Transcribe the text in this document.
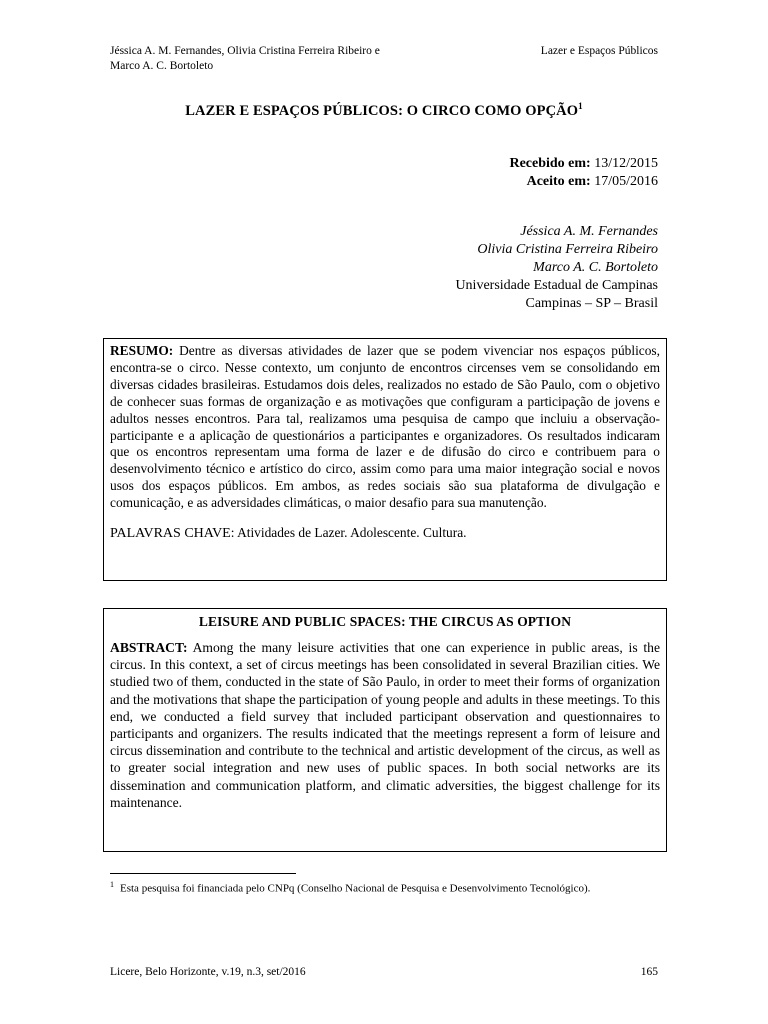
Jéssica A. M. Fernandes, Olivia Cristina Ferreira Ribeiro e
Marco A. C. Bortoleto
Lazer e Espaços Públicos
LAZER E ESPAÇOS PÚBLICOS: O CIRCO COMO OPÇÃO$^1$
Recebido em: 13/12/2015
Aceito em: 17/05/2016
Jéssica A. M. Fernandes
Olivia Cristina Ferreira Ribeiro
Marco A. C. Bortoleto
Universidade Estadual de Campinas
Campinas – SP – Brasil

RESUMO: Dentre as diversas atividades de lazer que se podem vivenciar nos espaços públicos, encontra-se o circo. Nesse contexto, um conjunto de encontros circenses vem se consolidando em diversas cidades brasileiras. Estudamos dois deles, realizados no estado de São Paulo, com o objetivo de conhecer suas formas de organização e as motivações que configuram a participação de jovens e adultos nesses encontros. Para tal, realizamos uma pesquisa de campo que incluiu a observação-participante e a aplicação de questionários a participantes e organizadores. Os resultados indicaram que os encontros representam uma forma de lazer e de difusão do circo e contribuem para o desenvolvimento técnico e artístico do circo, assim como para uma maior integração social e novos usos dos espaços públicos. Em ambos, as redes sociais são sua plataforma de divulgação e comunicação, e as adversidades climáticas, o maior desafio para sua manutenção.

PALAVRAS CHAVE: Atividades de Lazer. Adolescente. Cultura.
LEISURE AND PUBLIC SPACES: THE CIRCUS AS OPTION

ABSTRACT: Among the many leisure activities that one can experience in public areas, is the circus. In this context, a set of circus meetings has been consolidated in several Brazilian cities. We studied two of them, conducted in the state of São Paulo, in order to meet their forms of organization and the motivations that shape the participation of young people and adults in these meetings. To this end, we conducted a field survey that included participant observation and questionnaires to participants and organizers. The results indicated that the meetings represent a form of leisure and circus dissemination and contribute to the technical and artistic development of the circus, as well as to greater social integration and new uses of public spaces. In both social networks are its dissemination and communication platform, and climatic adversities, the biggest challenge for its maintenance.

$^1$ Esta pesquisa foi financiada pelo CNPq (Conselho Nacional de Pesquisa e Desenvolvimento Tecnológico).
Licere, Belo Horizonte, v.19, n.3, set/2016	165
